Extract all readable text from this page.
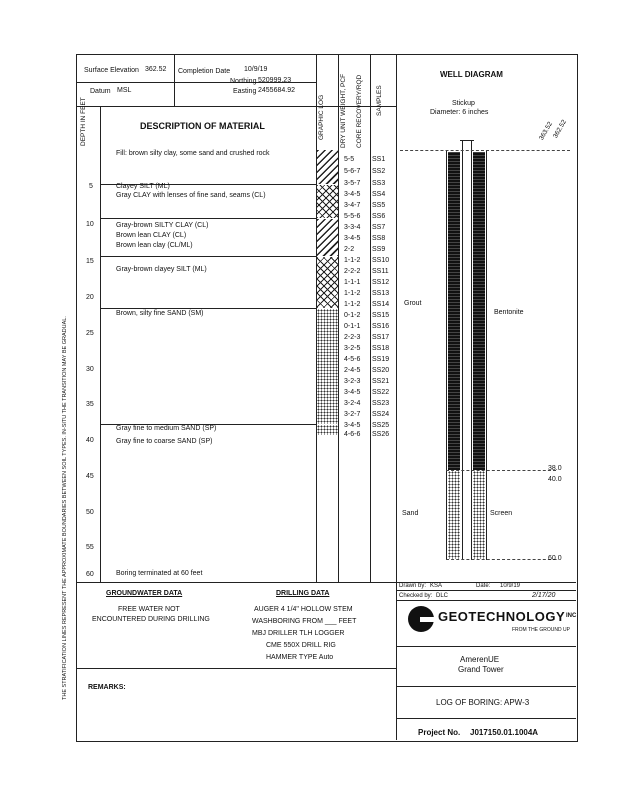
Surface Elevation 362.52
Datum MSL
Completion Date 10/9/19
Northing 520999.23
Easting 2455684.92
DESCRIPTION OF MATERIAL
DEPTH IN FEET	GRAPHIC LOG DRY UNIT WEIGHT, PCF CORE RECOVERY/RQD SAMPLES
WELL DIAGRAM
Stickup
Diameter: 6 inches
363.52
362.52
5
10
15
20
25
30
35
40
45
50
55
60
Fill: brown silty clay, some sand and crushed rock
Clayey SILT (ML)
Gray CLAY with lenses of fine sand, seams (CL)
Gray-brown SILTY CLAY (CL)
Brown lean CLAY (CL)
Brown lean clay (CL/ML)
Gray-brown clayey SILT (ML)
Brown, silty fine SAND (SM)
Gray fine to medium SAND (SP)
Gray fine to coarse SAND (SP)
Boring terminated at 60 feet
5-5	SS1
5-6-7 SS2
3-5-7 SS3
3-4-5 SS4
3-4-7 SS5
5-5-6 SS6
3-3-4 SS7
3-4-5 SS8
2-2	SS9
1-1-2 SS10
2-2-2 SS11
1-1-1 SS12
1-1-2 SS13
1-1-2 SS14
0-1-2 SS15
0-1-1 SS16
2-2-3 SS17
3-2-5 SS18
4-5-6 SS19
2-4-5 SS20
3-2-3 SS21
3-4-5 SS22
3-2-4 SS23
3-2-7 SS24
3-4-5 SS25
4-6-6 SS26
Grout
Bentonite
Sand	Screen
38.0
40.0
60.0
GROUNDWATER DATA
FREE WATER NOT
ENCOUNTERED DURING DRILLING
DRILLING DATA
AUGER 4 1/4" HOLLOW STEM
WASHBORING FROM ___ FEET
MBJ DRILLER TLH LOGGER
CME 550X DRILL RIG
HAMMER TYPE Auto
REMARKS:
Drawn by: KSA	Date: 10/9/19
Checked by: DLC	2/17/20
GEOTECHNOLOGY INC
FROM THE GROUND UP
AmerenUE
Grand Tower
LOG OF BORING: APW-3
Project No. J017150.01.1004A
THE STRATIFICATION LINES REPRESENT THE APPROXIMATE BOUNDARIES BETWEEN SOIL TYPES. IN-SITU THE TRANSITION MAY BE GRADUAL.
